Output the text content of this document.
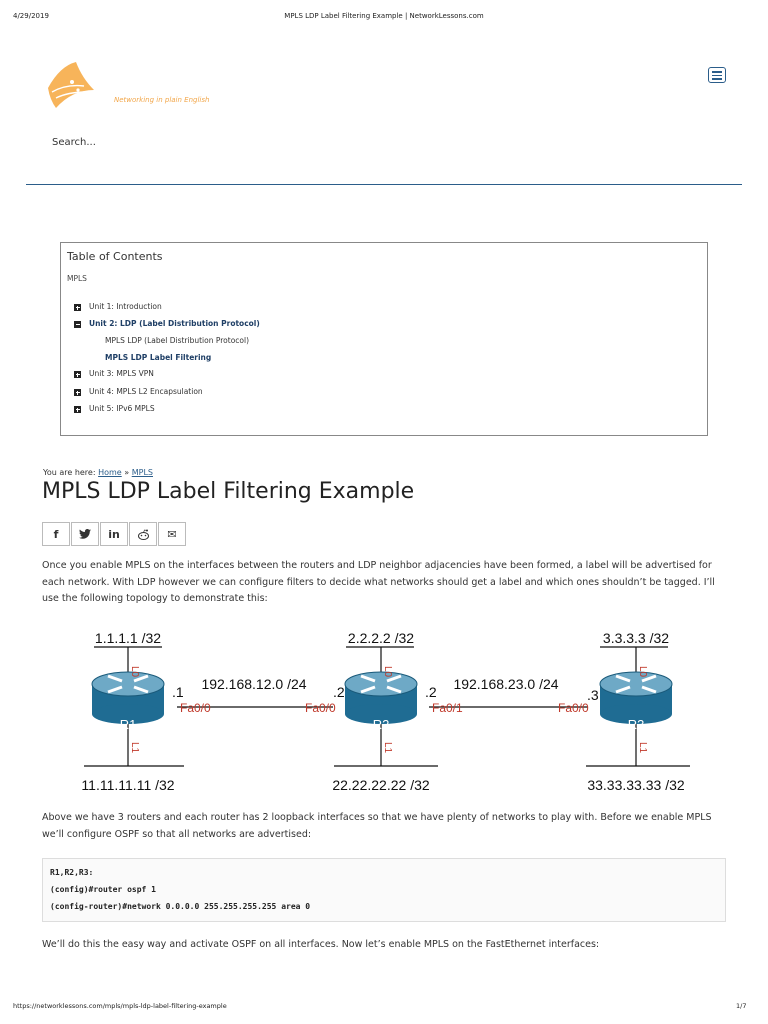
4/29/2019	MPLS LDP Label Filtering Example | NetworkLessons.com
Networking in plain English
Search...
Table of Contents
MPLS
Unit 1: Introduction
Unit 2: LDP (Label Distribution Protocol)
MPLS LDP (Label Distribution Protocol)
MPLS LDP Label Filtering
Unit 3: MPLS VPN
Unit 4: MPLS L2 Encapsulation
Unit 5: IPv6 MPLS
You are here: Home » MPLS
MPLS LDP Label Filtering Example
f	in	✉
Once you enable MPLS on the interfaces between the routers and LDP neighbor adjacencies have been formed, a label will be advertised for each network. With LDP however we can configure filters to decide what networks should get a label and which ones shouldn’t be tagged. I’ll use the following topology to demonstrate this:
R1
1.1.1.1 /32
11.11.11.11 /32
L0
L1
R2
2.2.2.2 /32
22.22.22.22 /32
L0
L1
R3
3.3.3.3 /32
33.33.33.33 /32
L0
L1
192.168.12.0 /24	192.168.23.0 /24
.1
Fa0/0
.2
Fa0/0
.2
Fa0/1
.3
Fa0/0
Above we have 3 routers and each router has 2 loopback interfaces so that we have plenty of networks to play with. Before we enable MPLS we’ll configure OSPF so that all networks are advertised:
R1,R2,R3:
(config)#router ospf 1
(config-router)#network 0.0.0.0 255.255.255.255 area 0
We’ll do this the easy way and activate OSPF on all interfaces. Now let’s enable MPLS on the FastEthernet interfaces:
https://networklessons.com/mpls/mpls-ldp-label-filtering-example	1/7
